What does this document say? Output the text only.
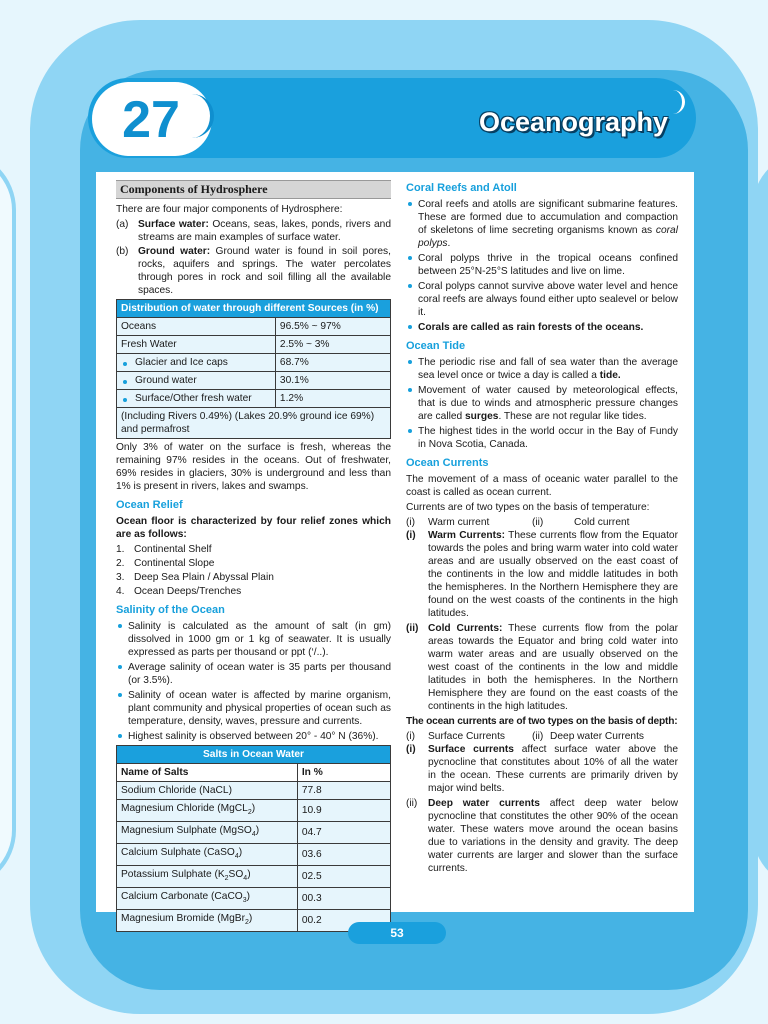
27	Oceanography
Components of Hydrosphere

There are four major components of Hydrosphere:

(a) Surface water: Oceans, seas, lakes, ponds, rivers and streams are main examples of surface water.
(b) Ground water: Ground water is found in soil pores, rocks, aquifers and springs. The water percolates through pores in rock and soil filling all the available spaces.
Distribution of water through different Sources (in %)	
Oceans	96.5% ~ 97%
Fresh Water	2.5% ~ 3%
Glacier and Ice caps	68.7%
Ground water	30.1%
Surface/Other fresh water	1.2%
(Including Rivers 0.49%) (Lakes 20.9% ground ice 69%) and permafrost	

Only 3% of water on the surface is fresh, whereas the remaining 97% resides in the oceans. Out of freshwater, 69% resides in glaciers, 30% is underground and less than 1% is present in rivers, lakes and swamps.

Ocean Relief

Ocean floor is characterized by four relief zones which are as follows:

1. Continental Shelf
2. Continental Slope
3. Deep Sea Plain / Abyssal Plain
4. Ocean Deeps/Trenches
Salinity of the Ocean
Salinity is calculated as the amount of salt (in gm) dissolved in 1000 gm or 1 kg of seawater. It is usually expressed as parts per thousand or ppt (‘/..).
Average salinity of ocean water is 35 parts per thousand (or 3.5%).
Salinity of ocean water is affected by marine organism, plant community and physical properties of ocean such as temperature, density, waves, pressure and currents.
Highest salinity is observed between 20° - 40° N (36%).
Salts in Ocean Water	
Name of Salts	In %
Sodium Chloride (NaCL)	77.8
Magnesium Chloride (MgCL$_2$)	10.9
Magnesium Sulphate (MgSO$_4$)	04.7
Calcium Sulphate (CaSO$_4$)	03.6
Potassium Sulphate $(K_2SO_4)$	02.5
Calcium Carbonate (CaCO$_3$)	00.3
Magnesium Bromide (MgBr$_2$)	00.2
Coral Reefs and Atoll
Coral reefs and atolls are significant submarine features. These are formed due to accumulation and compaction of skeletons of lime secreting organisms known as coral polyps.
Coral polyps thrive in the tropical oceans confined between 25°N-25°S latitudes and live on lime.
Coral polyps cannot survive above water level and hence coral reefs are always found either upto sealevel or below it.
Corals are called as rain forests of the oceans.
Ocean Tide
The periodic rise and fall of sea water than the average sea level once or twice a day is called a tide.
Movement of water caused by meteorological effects, that is due to winds and atmospheric pressure changes are called surges. These are not regular like tides.
The highest tides in the world occur in the Bay of Fundy in Nova Scotia, Canada.
Ocean Currents

The movement of a mass of oceanic water parallel to the coast is called as ocean current.

Currents are of two types on the basis of temperature:

(i)	Warm current	(ii)	Cold current
(i) Warm Currents: These currents flow from the Equator towards the poles and bring warm water into cold water areas and are usually observed on the east coast of the continents in the low and middle latitudes in both the hemispheres. In the Northern Hemisphere they are found on the west coasts of the continents in the high latitudes.
(ii) Cold Currents: These currents flow from the polar areas towards the Equator and bring cold water into warm water areas and are usually observed on the west coast of the continents in the low and middle latitudes in both the hemispheres. In the Northern Hemisphere they are found on the east coasts of the continents in the high latitudes.

The ocean currents are of two types on the basis of depth:

(i)	Surface Currents	(ii) Deep water Currents
(i) Surface currents affect surface water above the pycnocline that constitutes about 10% of all the water in the ocean. These currents are primarily driven by major wind belts.
(ii) Deep water currents affect deep water below pycnocline that constitutes the other 90% of the ocean water. These waters move around the ocean basins due to variations in the density and gravity. The deep water currents are larger and slower than the surface currents.
53
